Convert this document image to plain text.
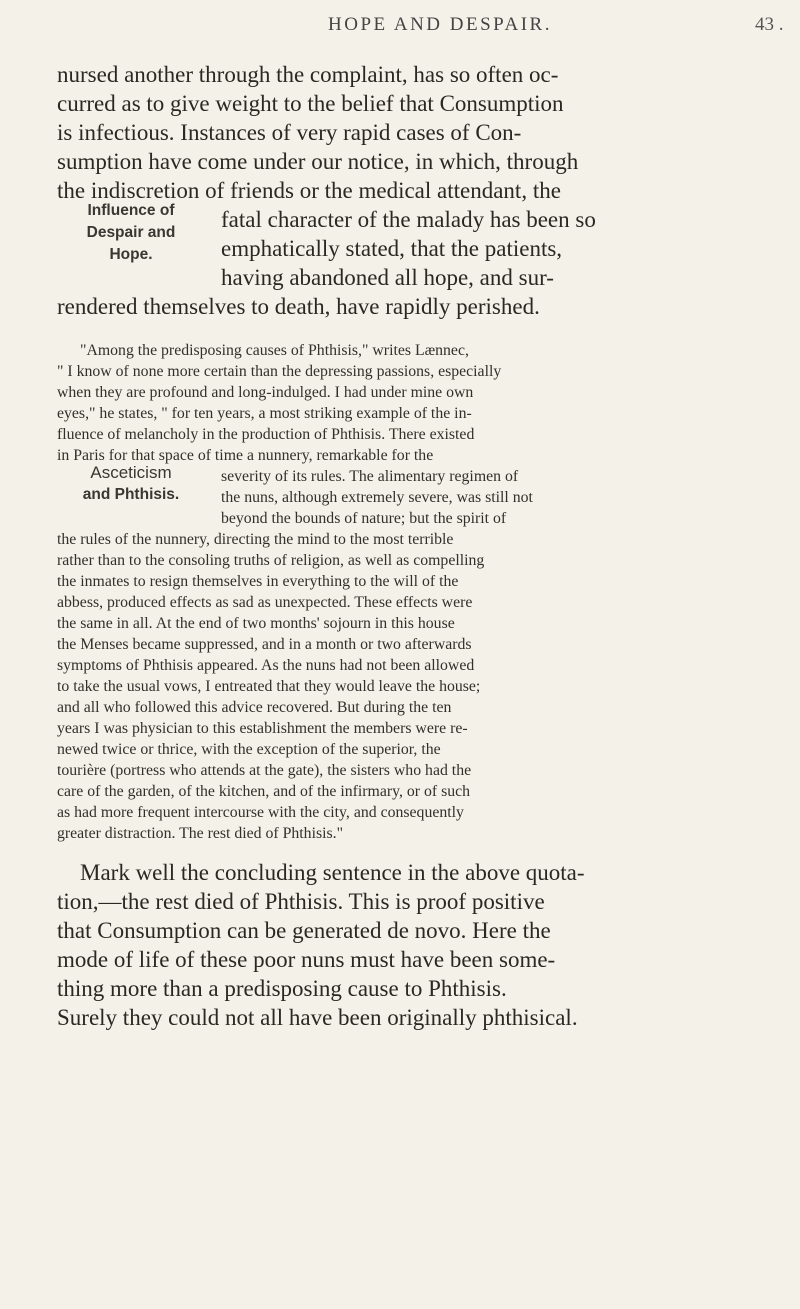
HOPE AND DESPAIR.	43 .
nursed another through the complaint, has so often oc-
curred as to give weight to the belief that Consumption
is infectious. Instances of very rapid cases of Con-
sumption have come under our notice, in which, through
the indiscretion of friends or the medical attendant, the
fatal character of the malady has been so
emphatically stated, that the patients,
having abandoned all hope, and sur-
rendered themselves to death, have rapidly perished.
Influence of
Despair and
Hope.
"Among the predisposing causes of Phthisis," writes Lænnec,
" I know of none more certain than the depressing passions, especially
when they are profound and long-indulged. I had under mine own
eyes," he states, " for ten years, a most striking example of the in-
fluence of melancholy in the production of Phthisis. There existed
in Paris for that space of time a nunnery, remarkable for the
severity of its rules. The alimentary regimen of
the nuns, although extremely severe, was still not
beyond the bounds of nature; but the spirit of
the rules of the nunnery, directing the mind to the most terrible
rather than to the consoling truths of religion, as well as compelling
the inmates to resign themselves in everything to the will of the
abbess, produced effects as sad as unexpected. These effects were
the same in all. At the end of two months' sojourn in this house
the Menses became suppressed, and in a month or two afterwards
symptoms of Phthisis appeared. As the nuns had not been allowed
to take the usual vows, I entreated that they would leave the house;
and all who followed this advice recovered. But during the ten
years I was physician to this establishment the members were re-
newed twice or thrice, with the exception of the superior, the
tourière (portress who attends at the gate), the sisters who had the
care of the garden, of the kitchen, and of the infirmary, or of such
as had more frequent intercourse with the city, and consequently
greater distraction. The rest died of Phthisis."
Asceticism
and Phthisis.
Mark well the concluding sentence in the above quota-
tion,—the rest died of Phthisis. This is proof positive
that Consumption can be generated de novo. Here the
mode of life of these poor nuns must have been some-
thing more than a predisposing cause to Phthisis.
Surely they could not all have been originally phthisical.
